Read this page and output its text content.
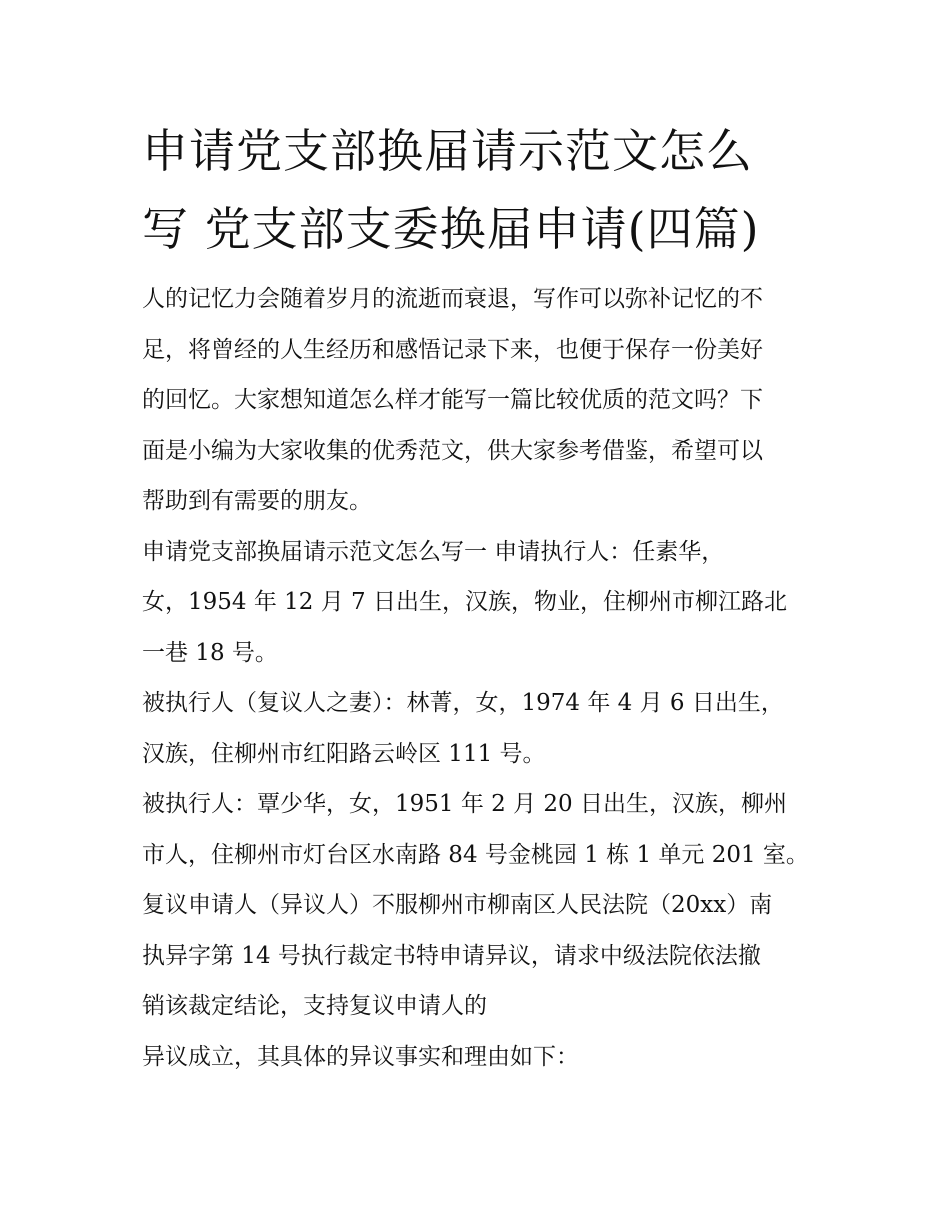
申请党支部换届请示范文怎么
写 党支部支委换届申请(四篇)

人的记忆力会随着岁月的流逝而衰退，写作可以弥补记忆的不
足，将曾经的人生经历和感悟记录下来，也便于保存一份美好
的回忆。大家想知道怎么样才能写一篇比较优质的范文吗？下
面是小编为大家收集的优秀范文，供大家参考借鉴，希望可以
帮助到有需要的朋友。

申请党支部换届请示范文怎么写一 申请执行人：任素华，
女，1954 年 12 月 7 日出生，汉族，物业，住柳州市柳江路北
一巷 18 号。

被执行人（复议人之妻）：林菁，女，1974 年 4 月 6 日出生，
汉族，住柳州市红阳路云岭区 111 号。

被执行人：覃少华，女，1951 年 2 月 20 日出生，汉族，柳州
市人，住柳州市灯台区水南路 84 号金桃园 1 栋 1 单元 201 室。

复议申请人（异议人）不服柳州市柳南区人民法院（20xx）南
执异字第 14 号执行裁定书特申请异议，请求中级法院依法撤
销该裁定结论，支持复议申请人的

异议成立，其具体的异议事实和理由如下：
